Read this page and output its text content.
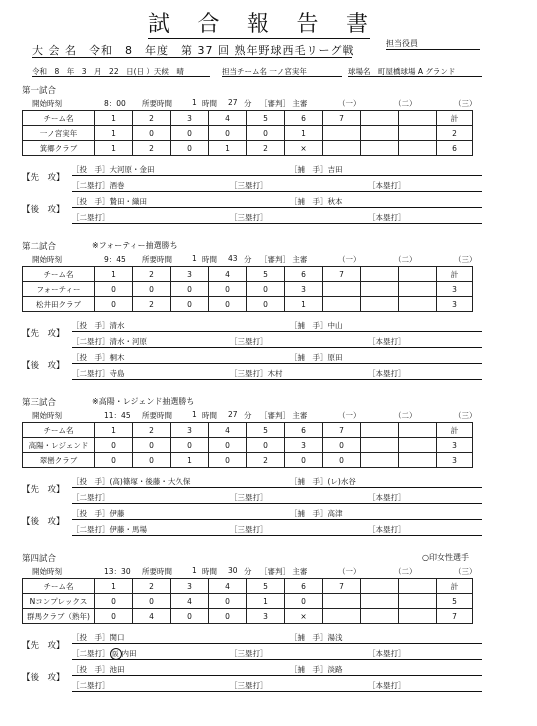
試 合 報 告 書
担当役員
大 会 名　令和　8　年度　第 37 回 熟年野球西毛リーグ戦
令和　8　年　3　月　22　日(日 ）天候　晴	担当チーム名 一ノ宮実年	球場名　町屋橋球場 A グランド
第一試合
開始時刻	8：00 所要時間	1 時間 27 分 ［審判］ 主審	（一）	（二）	（三）
チーム名	1	2	3	4	5	6	7			計
一ノ宮実年	1	0	0	0	0	1				2
箕郷クラブ	1	2	0	1	2	×				6
【先　攻】
［投　手］大河原・金田	［捕　手］吉田
［二塁打］酒巻	［三塁打］	［本塁打］
【後　攻】
［投　手］贄田・織田	［捕　手］秋本
［二塁打］	［三塁打］	［本塁打］
第二試合	※フォーティー抽選勝ち
開始時刻	9：45 所要時間	1 時間 43 分 ［審判］ 主審	（一）	（二）	（三）
チーム名	1	2	3	4	5	6	7			計
フォーティー	0	0	0	0	0	3				3
松井田クラブ	0	2	0	0	0	1				3
【先　攻】
［投　手］清水	［捕　手］中山
［二塁打］清水・河原	［三塁打］	［本塁打］
【後　攻】
［投　手］桐木	［捕　手］原田
［二塁打］寺島	［三塁打］木村	［本塁打］
第三試合	※高陽・レジェンド抽選勝ち
開始時刻	11：45 所要時間	1 時間 27 分 ［審判］ 主審	（一）	（二）	（三）
チーム名	1	2	3	4	5	6	7			計
高陽・レジェンド	0	0	0	0	0	3	0			3
翠巒クラブ	0	0	1	0	2	0	0			3
【先　攻】
［投　手］(高)篠塚・後藤・大久保	［捕　手］(レ)水谷
［二塁打］	［三塁打］	［本塁打］
【後　攻】
［投　手］伊藤	［捕　手］高津
［二塁打］伊藤・馬場	［三塁打］	［本塁打］
第四試合	○印女性選手
開始時刻	13：30 所要時間	1 時間 30 分 ［審判］ 主審	（一）	（二）	（三）
チーム名	1	2	3	4	5	6	7			計
Nコンプレックス	0	0	4	0	1	0				5
群馬クラブ（熟年)	0	4	0	0	3	×				7
【先　攻】
［投　手］関口	［捕　手］湯浅
［二塁打］ 阪 内田	［三塁打］	［本塁打］
【後　攻】
［投　手］池田	［捕　手］淡路
［二塁打］	［三塁打］	［本塁打］
